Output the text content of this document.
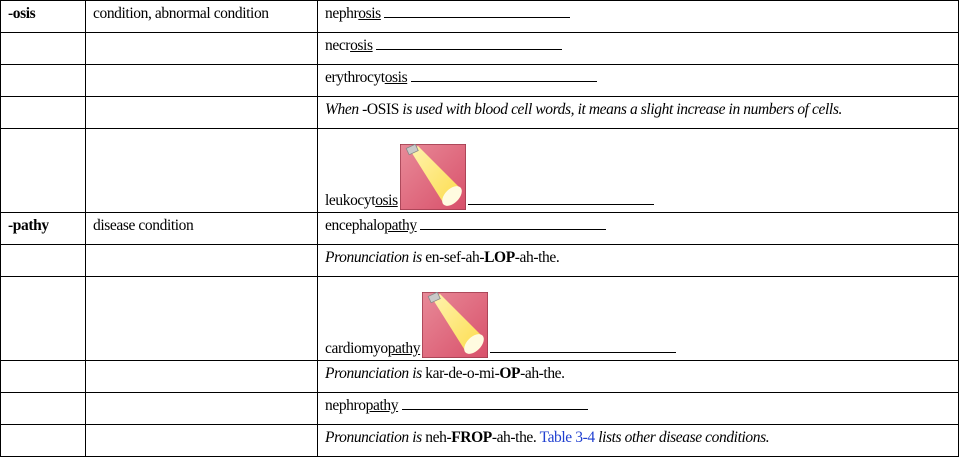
-osis	condition, abnormal condition	nephrosis
		necrosis
		erythrocytosis
		When -OSIS is used with blood cell words, it means a slight increase in numbers of cells.
		leukocytosis

-pathy	disease condition	encephalopathy
		Pronunciation is en-sef-ah-LOP-ah-the.
		cardiomyopathy

		Pronunciation is kar-de-o-mi-OP-ah-the.
		nephropathy
		Pronunciation is neh-FROP-ah-the. Table 3-4 lists other disease conditions.
